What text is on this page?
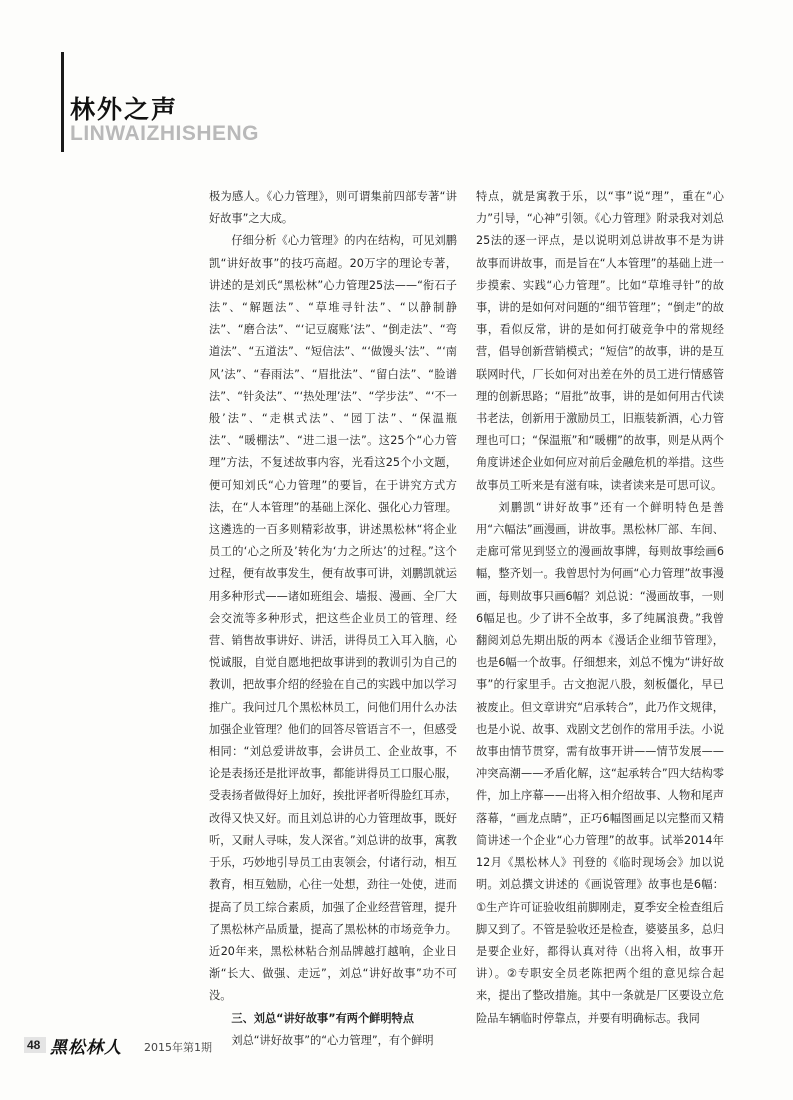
林外之声
LINWAIZHISHENG

极为感人。《心力管理》，则可谓集前四部专著“讲好故事”之大成。

仔细分析《心力管理》的内在结构，可见刘鹏凯“讲好故事”的技巧高超。20万字的理论专著，讲述的是刘氏“黑松林”心力管理25法——“衔石子法”、“解题法”、“草堆寻针法”、“以静制静法”、“磨合法”、“‘记豆腐账’法”、“倒走法”、“弯道法”、“五道法”、“短信法”、“‘做馒头’法”、“‘南风’法”、“春雨法”、“眉批法”、“留白法”、“脸谱法”、“针灸法”、“‘热处理’法”、“学步法”、“‘不一般’法”、“走棋式法”、“园丁法”、“保温瓶法”、“暖棚法”、“进二退一法”。这25个“心力管理”方法，不复述故事内容，光看这25个小文题，便可知刘氏“心力管理”的要旨，在于讲究方式方法，在“人本管理”的基础上深化、强化心力管理。这遴选的一百多则精彩故事，讲述黑松林“将企业员工的‘心之所及’转化为‘力之所达’的过程。”这个过程，便有故事发生，便有故事可讲，刘鹏凯就运用多种形式——诸如班组会、墙报、漫画、全厂大会交流等多种形式，把这些企业员工的管理、经营、销售故事讲好、讲活，讲得员工入耳入脑，心悦诚服，自觉自愿地把故事讲到的教训引为自己的教训，把故事介绍的经验在自己的实践中加以学习推广。我问过几个黑松林员工，问他们用什么办法加强企业管理？他们的回答尽管语言不一，但感受相同：“刘总爱讲故事，会讲员工、企业故事，不论是表扬还是批评故事，都能讲得员工口服心服，受表扬者做得好上加好，挨批评者听得脸红耳赤，改得又快又好。而且刘总讲的心力管理故事，既好听，又耐人寻味，发人深省。”刘总讲的故事，寓教于乐，巧妙地引导员工由衷领会，付诸行动，相互教育，相互勉励，心往一处想，劲往一处使，进而提高了员工综合素质，加强了企业经营管理，提升了黑松林产品质量，提高了黑松林的市场竞争力。近20年来，黑松林粘合剂品牌越打越响，企业日渐“长大、做强、走远”，刘总“讲好故事”功不可没。

三、刘总“讲好故事”有两个鲜明特点

刘总“讲好故事”的“心力管理”，有个鲜明

特点，就是寓教于乐，以“事”说“理”，重在“心力”引导，“心神”引领。《心力管理》附录我对刘总25法的逐一评点，是以说明刘总讲故事不是为讲故事而讲故事，而是旨在“人本管理”的基础上进一步摸索、实践“心力管理”。比如“草堆寻针”的故事，讲的是如何对问题的“细节管理”；“倒走”的故事，看似反常，讲的是如何打破竞争中的常规经营，倡导创新营销模式；“短信”的故事，讲的是互联网时代，厂长如何对出差在外的员工进行情感管理的创新思路；“眉批”故事，讲的是如何用古代读书老法，创新用于激励员工，旧瓶装新酒，心力管理也可口；“保温瓶”和“暖棚”的故事，则是从两个角度讲述企业如何应对前后金融危机的举措。这些故事员工听来是有滋有味，读者读来是可思可议。

刘鹏凯“讲好故事”还有一个鲜明特色是善用“六幅法”画漫画，讲故事。黑松林厂部、车间、走廊可常见到竖立的漫画故事牌，每则故事绘画6幅，整齐划一。我曾思忖为何画“心力管理”故事漫画，每则故事只画6幅？刘总说：“漫画故事，一则6幅足也。少了讲不全故事，多了纯属浪费。”我曾翻阅刘总先期出版的两本《漫话企业细节管理》，也是6幅一个故事。仔细想来，刘总不愧为“讲好故事”的行家里手。古文抱泥八股，刻板僵化，早已被废止。但文章讲究“启承转合”，此乃作文规律，也是小说、故事、戏剧文艺创作的常用手法。小说故事由情节贯穿，需有故事开讲——情节发展——冲突高潮——矛盾化解，这“起承转合”四大结构零件，加上序幕——出将入相介绍故事、人物和尾声落幕，“画龙点睛”，正巧6幅图画足以完整而又精简讲述一个企业“心力管理”的故事。试举2014年12月《黑松林人》刊登的《临时现场会》加以说明。刘总撰文讲述的《画说管理》故事也是6幅：①生产许可证验收组前脚刚走，夏季安全检查组后脚又到了。不管是验收还是检查，婆婆虽多，总归是要企业好，都得认真对待（出将入相，故事开讲）。②专职安全员老陈把两个组的意见综合起来，提出了整改措施。其中一条就是厂区要设立危险品车辆临时停靠点，并要有明确标志。我同

48 黑松林人 2015年第1期
